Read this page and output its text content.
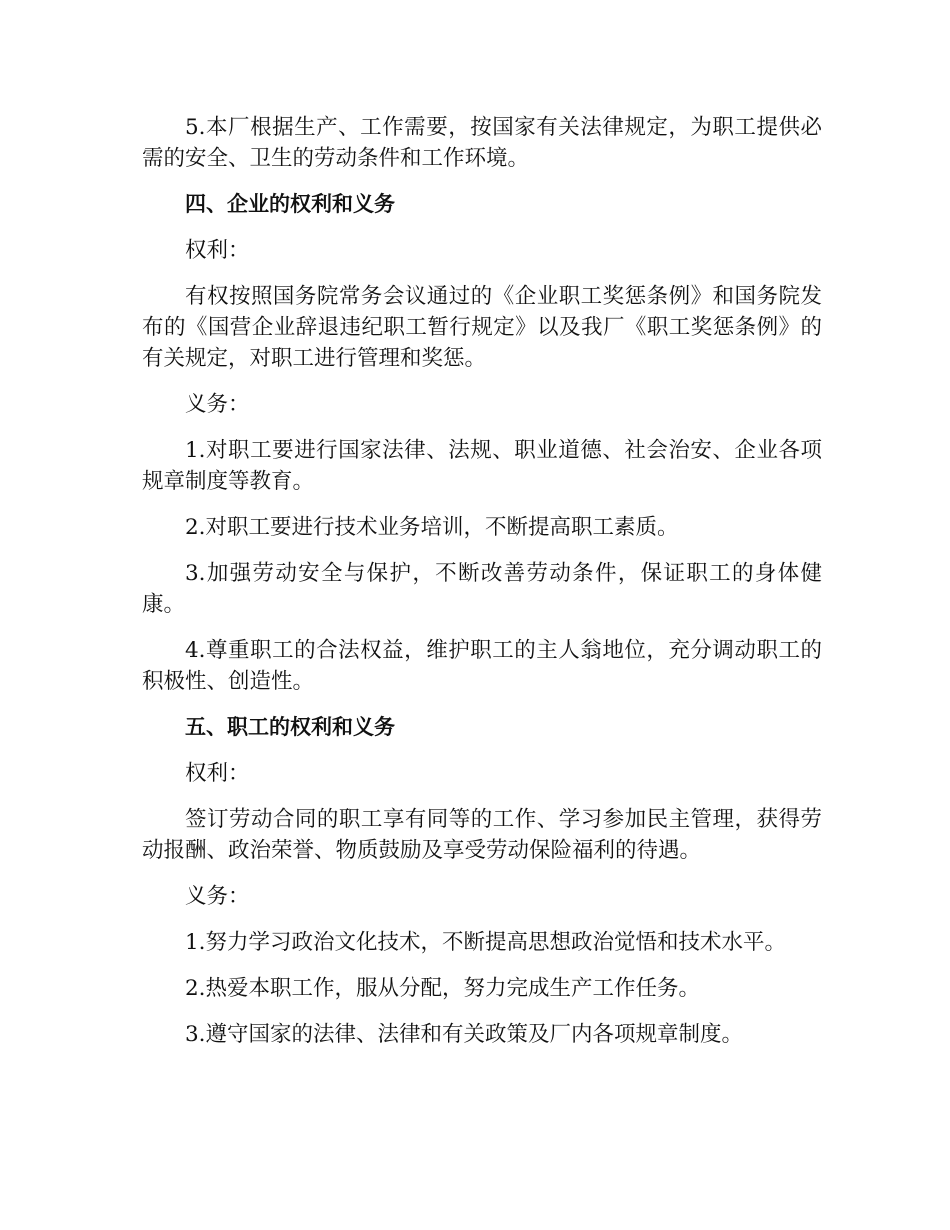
5.本厂根据生产、工作需要，按国家有关法律规定，为职工提供必需的安全、卫生的劳动条件和工作环境。

四、企业的权利和义务

权利：

有权按照国务院常务会议通过的《企业职工奖惩条例》和国务院发布的《国营企业辞退违纪职工暂行规定》以及我厂《职工奖惩条例》的有关规定，对职工进行管理和奖惩。

义务：

1.对职工要进行国家法律、法规、职业道德、社会治安、企业各项规章制度等教育。

2.对职工要进行技术业务培训，不断提高职工素质。

3.加强劳动安全与保护，不断改善劳动条件，保证职工的身体健康。

4.尊重职工的合法权益，维护职工的主人翁地位，充分调动职工的积极性、创造性。

五、职工的权利和义务

权利：

签订劳动合同的职工享有同等的工作、学习参加民主管理，获得劳动报酬、政治荣誉、物质鼓励及享受劳动保险福利的待遇。

义务：

1.努力学习政治文化技术，不断提高思想政治觉悟和技术水平。

2.热爱本职工作，服从分配，努力完成生产工作任务。

3.遵守国家的法律、法律和有关政策及厂内各项规章制度。
